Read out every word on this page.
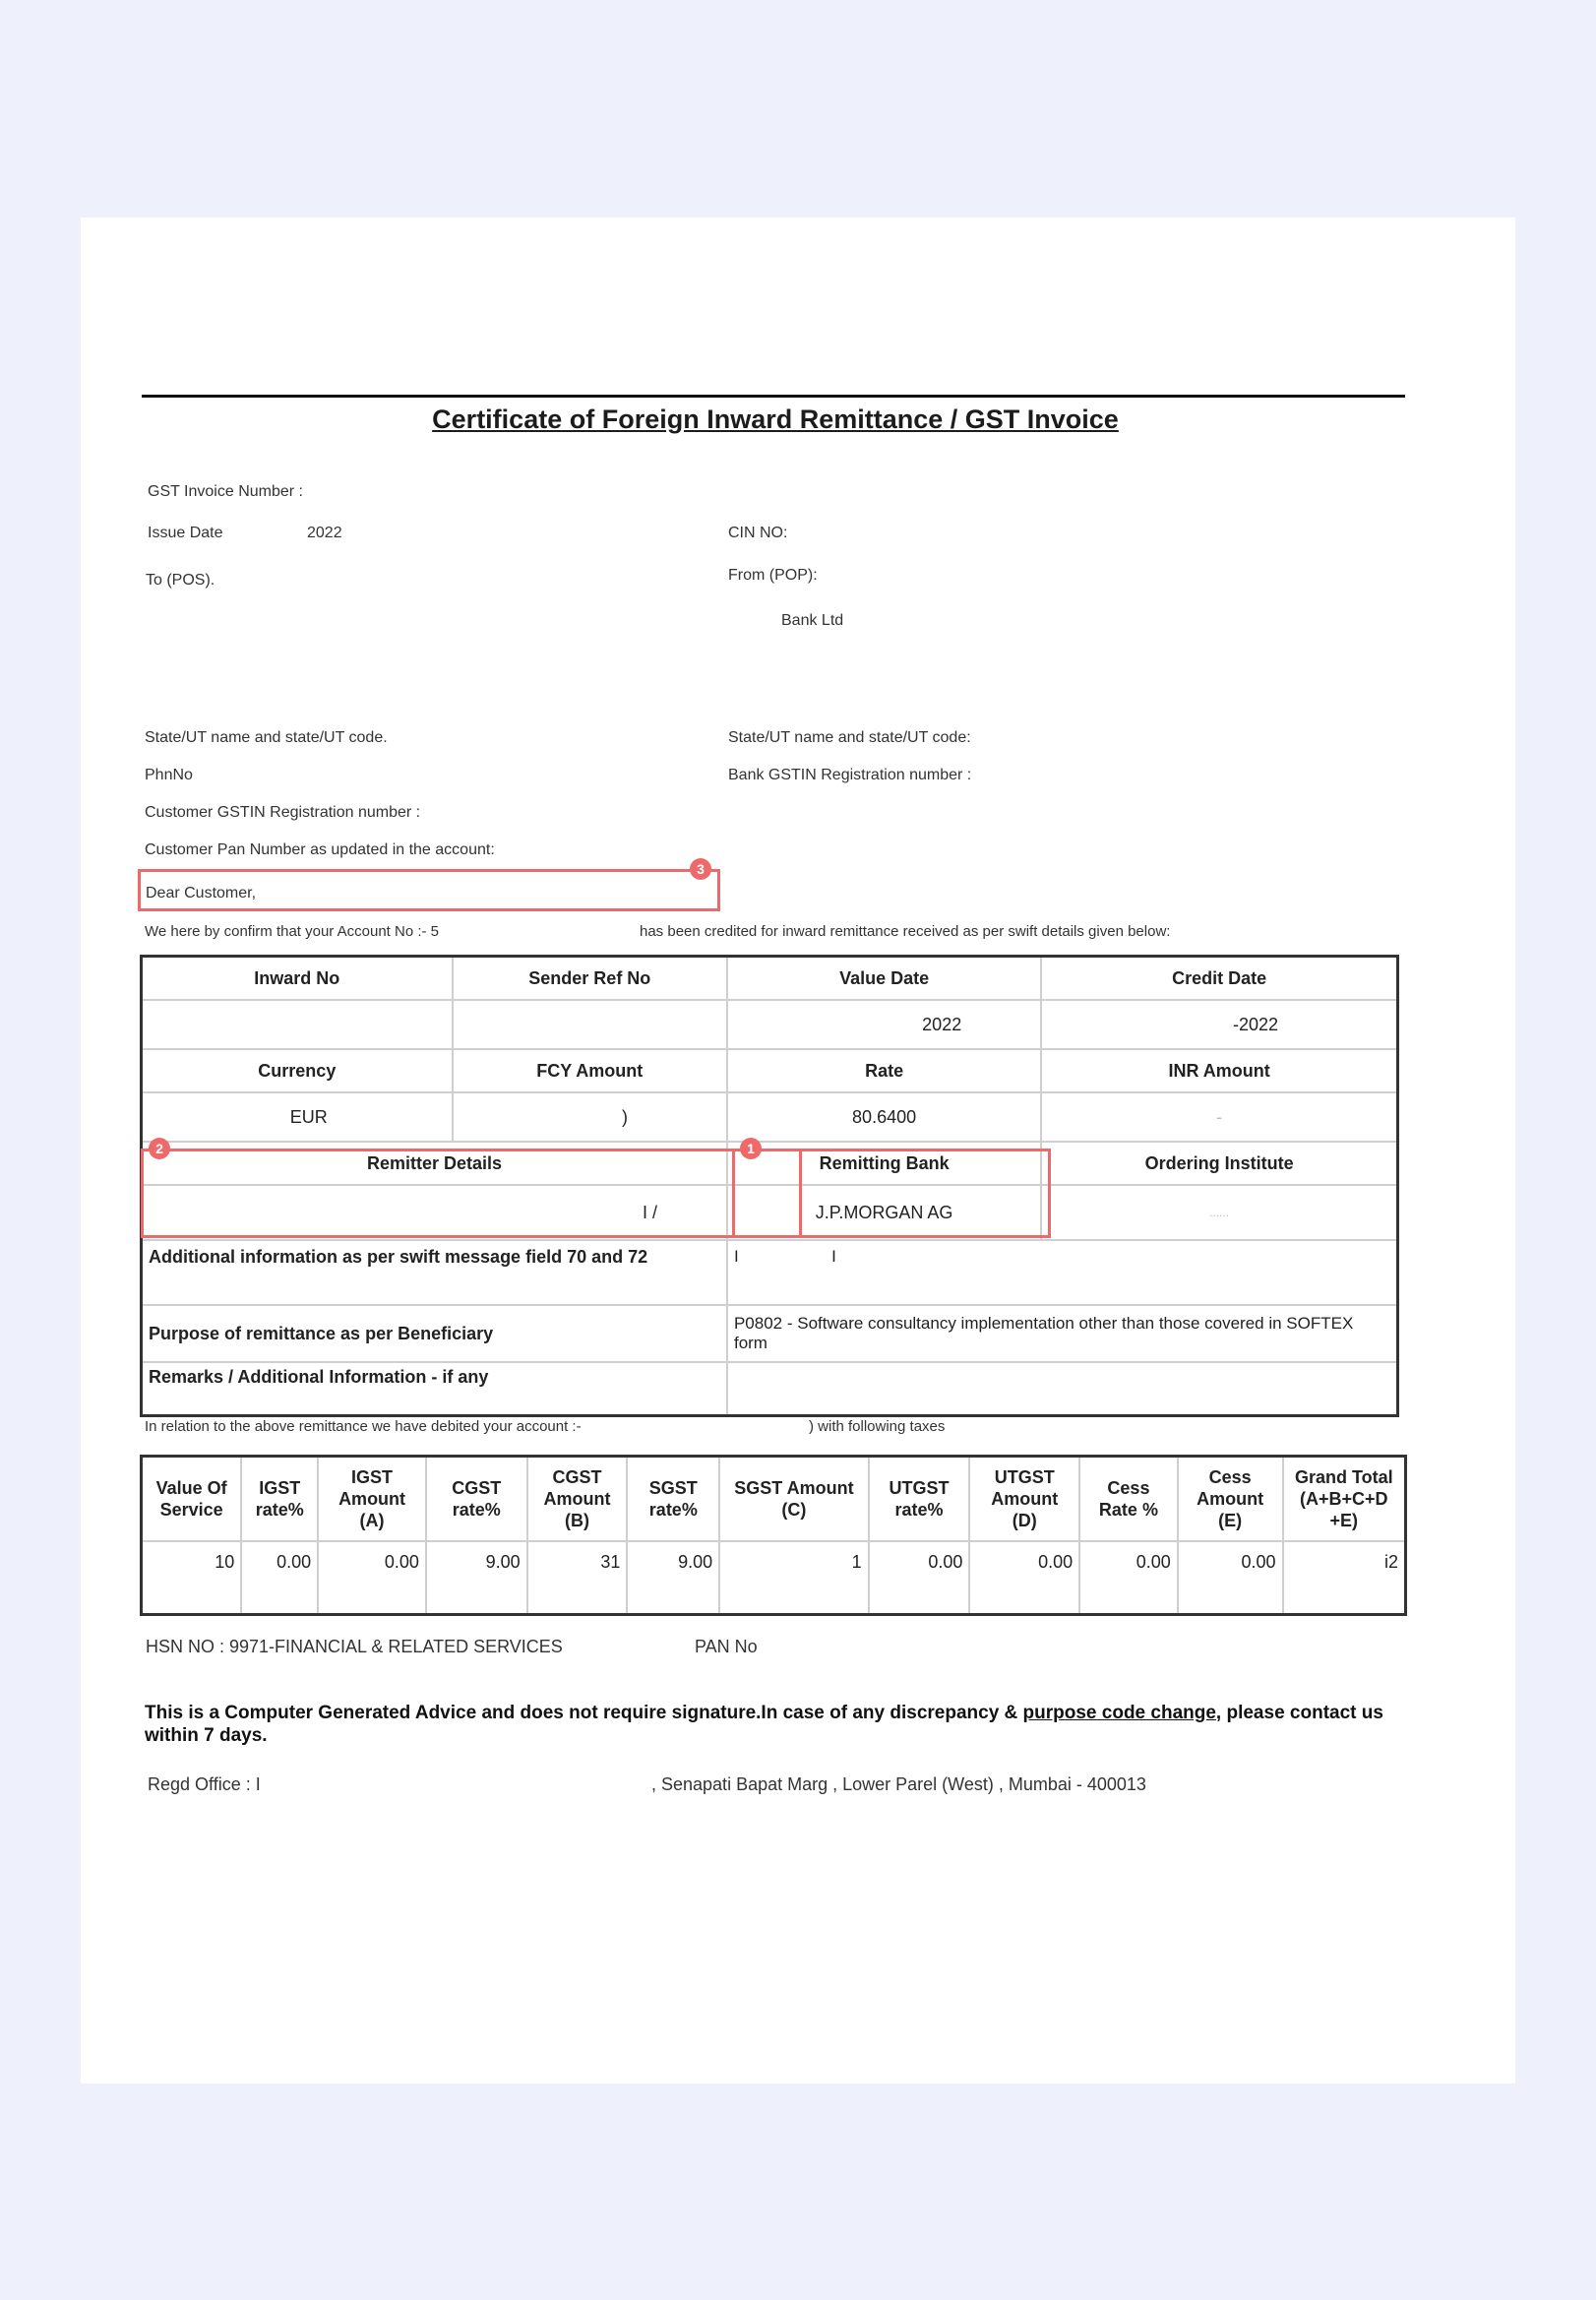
Certificate of Foreign Inward Remittance / GST Invoice
GST Invoice Number :
Issue Date	2022
To (POS).
CIN NO:
From (POP):
Bank Ltd
State/UT name and state/UT code.
PhnNo
Customer GSTIN Registration number :
Customer Pan Number as updated in the account:
State/UT name and state/UT code:
Bank GSTIN Registration number :
Dear Customer,
3
We here by confirm that your Account No :- 5	has been credited for inward remittance received as per swift details given below:
Inward No	Sender Ref No	Value Date	Credit Date
		2022	-2022
Currency	FCY Amount	Rate	INR Amount
EUR	)	80.6400	-
Remitter Details		Remitting Bank	Ordering Institute
I /		J.P.MORGAN AG	......
Additional information as per swift message field 70 and 72		I                    I	
Purpose of remittance as per Beneficiary		P0802 - Software consultancy implementation other than those covered in SOFTEX form	
Remarks / Additional Information - if any			
2	1
In relation to the above remittance we have debited your account :-	) with following taxes
Value Of Service	IGST rate%	IGST Amount (A)	CGST rate%	CGST Amount (B)	SGST rate%	SGST Amount (C)	UTGST rate%	UTGST Amount (D)	Cess Rate %	Cess Amount (E)	Grand Total (A+B+C+D +E)
10	0.00	0.00	9.00	31	9.00	1	0.00	0.00	0.00	0.00	i2
HSN NO : 9971-FINANCIAL & RELATED SERVICES	PAN No
This is a Computer Generated Advice and does not require signature.In case of any discrepancy & purpose code change, please contact us within 7 days.
Regd Office : I	, Senapati Bapat Marg , Lower Parel (West) , Mumbai - 400013
